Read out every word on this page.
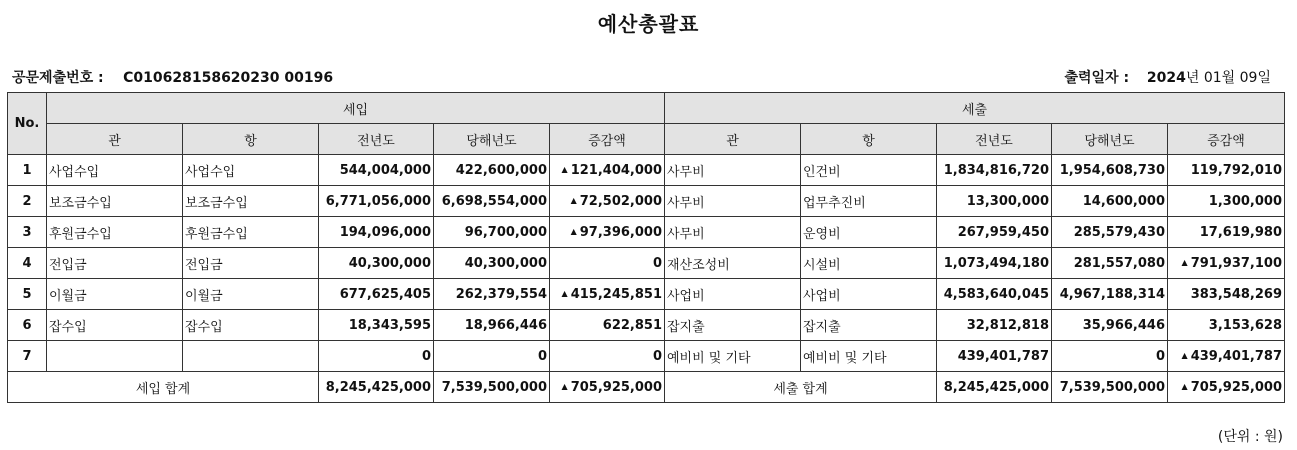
예산총괄표
공문제출번호 : C010628158620230 00196	출력일자 : 2024년 01월 09일
No.	세입					세출				
	관	항	전년도	당해년도	증감액	관	항	전년도	당해년도	증감액
1	사업수입	사업수입	544,004,000	422,600,000	▲ 121,404,000	사무비	인건비	1,834,816,720	1,954,608,730	119,792,010
2	보조금수입	보조금수입	6,771,056,000	6,698,554,000	▲ 72,502,000	사무비	업무추진비	13,300,000	14,600,000	1,300,000
3	후원금수입	후원금수입	194,096,000	96,700,000	▲ 97,396,000	사무비	운영비	267,959,450	285,579,430	17,619,980
4	전입금	전입금	40,300,000	40,300,000	0	재산조성비	시설비	1,073,494,180	281,557,080	▲ 791,937,100
5	이월금	이월금	677,625,405	262,379,554	▲ 415,245,851	사업비	사업비	4,583,640,045	4,967,188,314	383,548,269
6	잡수입	잡수입	18,343,595	18,966,446	622,851	잡지출	잡지출	32,812,818	35,966,446	3,153,628
7			0	0	0	예비비 및 기타	예비비 및 기타	439,401,787	0	▲ 439,401,787
세입 합계			8,245,425,000	7,539,500,000	▲ 705,925,000	세출 합계		8,245,425,000	7,539,500,000	▲ 705,925,000
(단위 : 원)
